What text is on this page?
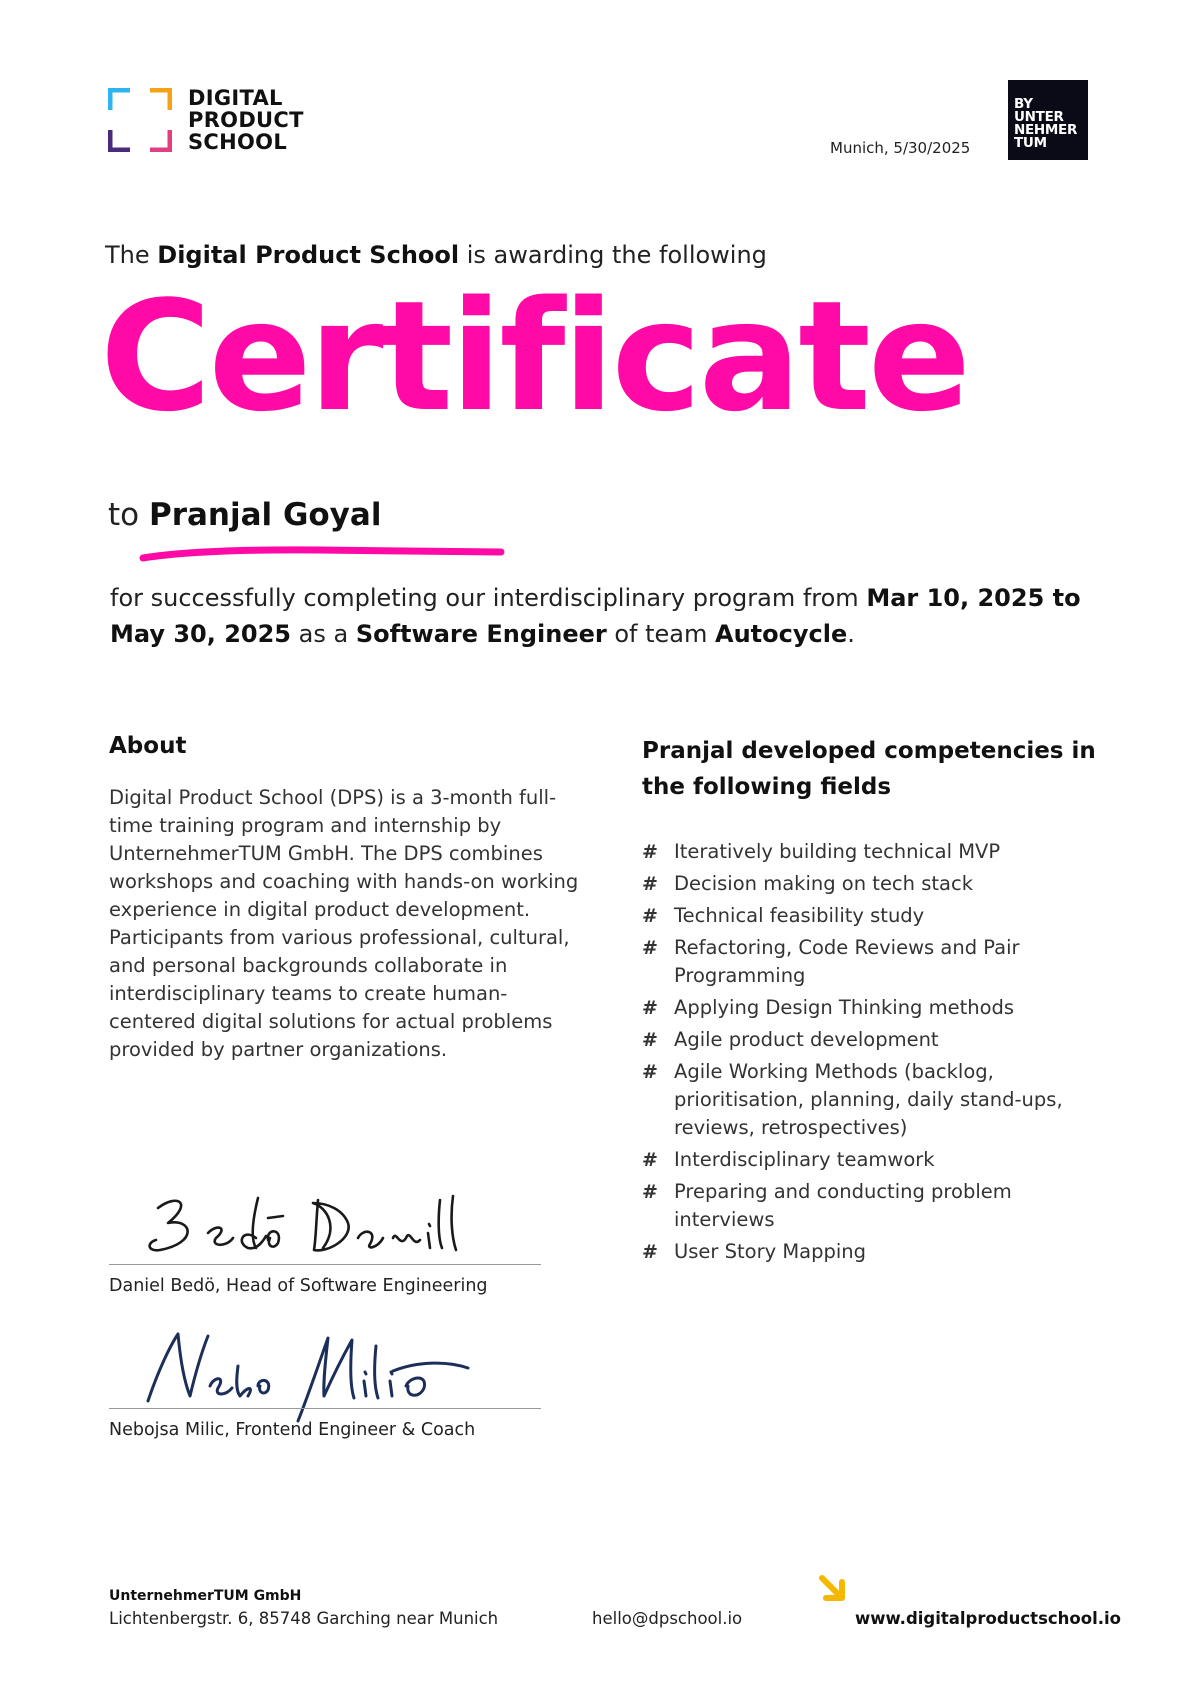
DIGITAL
PRODUCT
SCHOOL	Munich, 5/30/2025
BY
UNTER
NEHMER
TUM
The Digital Product School is awarding the following
Certificate
to Pranjal Goyal
for successfully completing our interdisciplinary program from Mar 10, 2025 to May 30, 2025 as a Software Engineer of team Autocycle.
About

Digital Product School (DPS) is a 3-month full-time training program and internship by UnternehmerTUM GmbH. The DPS combines workshops and coaching with hands-on working experience in digital product development.

Participants from various professional, cultural, and personal backgrounds collaborate in interdisciplinary teams to create human-centered digital solutions for actual problems provided by partner organizations.

Pranjal developed competencies in the following fields
# Iteratively building technical MVP
# Decision making on tech stack
# Technical feasibility study
# Refactoring, Code Reviews and Pair Programming
# Applying Design Thinking methods
# Agile product development
# Agile Working Methods (backlog, prioritisation, planning, daily stand-ups, reviews, retrospectives)
# Interdisciplinary teamwork
# Preparing and conducting problem interviews
# User Story Mapping
Daniel Bedö, Head of Software Engineering
Nebojsa Milic, Frontend Engineer & Coach
UnternehmerTUM GmbH
Lichtenbergstr. 6, 85748 Garching near Munich	hello@dpschool.io	www.digitalproductschool.io
